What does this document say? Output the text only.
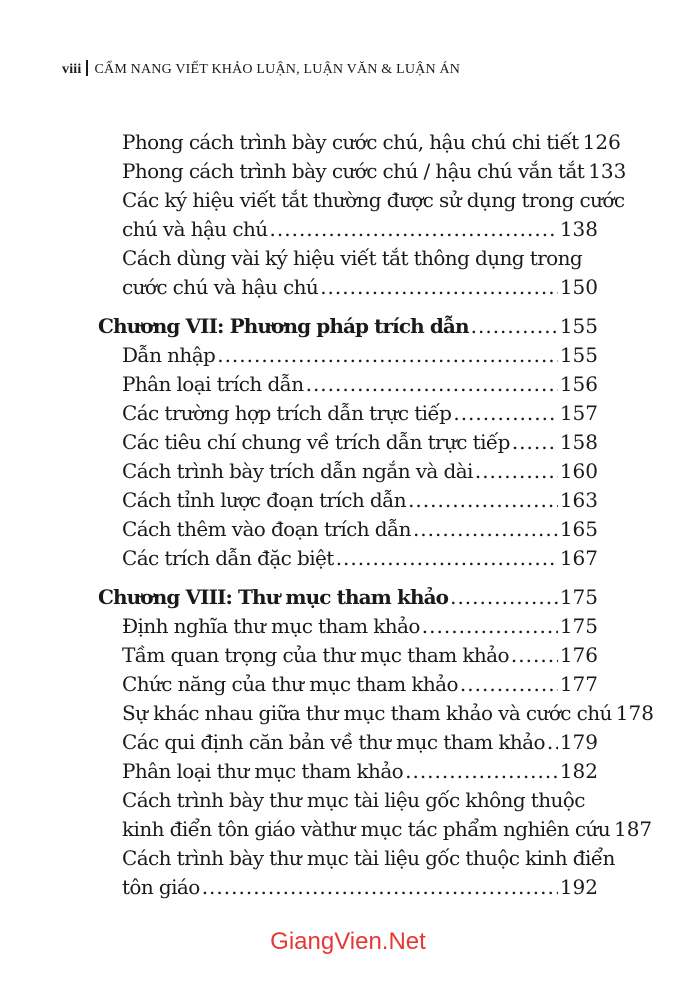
viii CẨM NANG VIẾT KHẢO LUẬN, LUẬN VĂN & LUẬN ÁN
Phong cách trình bày cước chú, hậu chú chi tiết 126
Phong cách trình bày cước chú / hậu chú vắn tắt 133
Các ký hiệu viết tắt thường được sử dụng trong cước
chú và hậu chú .....	138
Cách dùng vài ký hiệu viết tắt thông dụng trong
cước chú và hậu chú .....	150
Chương VII: Phương pháp trích dẫn .....	155
Dẫn nhập .....	155
Phân loại trích dẫn .....	156
Các trường hợp trích dẫn trực tiếp .....	157
Các tiêu chí chung về trích dẫn trực tiếp .....	158
Cách trình bày trích dẫn ngắn và dài .....	160
Cách tỉnh lược đoạn trích dẫn .....	163
Cách thêm vào đoạn trích dẫn .....	165
Các trích dẫn đặc biệt .....	167
Chương VIII: Thư mục tham khảo .....	175
Định nghĩa thư mục tham khảo .....	175
Tầm quan trọng của thư mục tham khảo .....	176
Chức năng của thư mục tham khảo .....	177
Sự khác nhau giữa thư mục tham khảo và cước chú 178
Các qui định căn bản về thư mục tham khảo ..... 179
Phân loại thư mục tham khảo .....	182
Cách trình bày thư mục tài liệu gốc không thuộc
kinh điển tôn giáo vàthư mục tác phẩm nghiên cứu 187
Cách trình bày thư mục tài liệu gốc thuộc kinh điển
tôn giáo .....	192
GiangVien.Net
